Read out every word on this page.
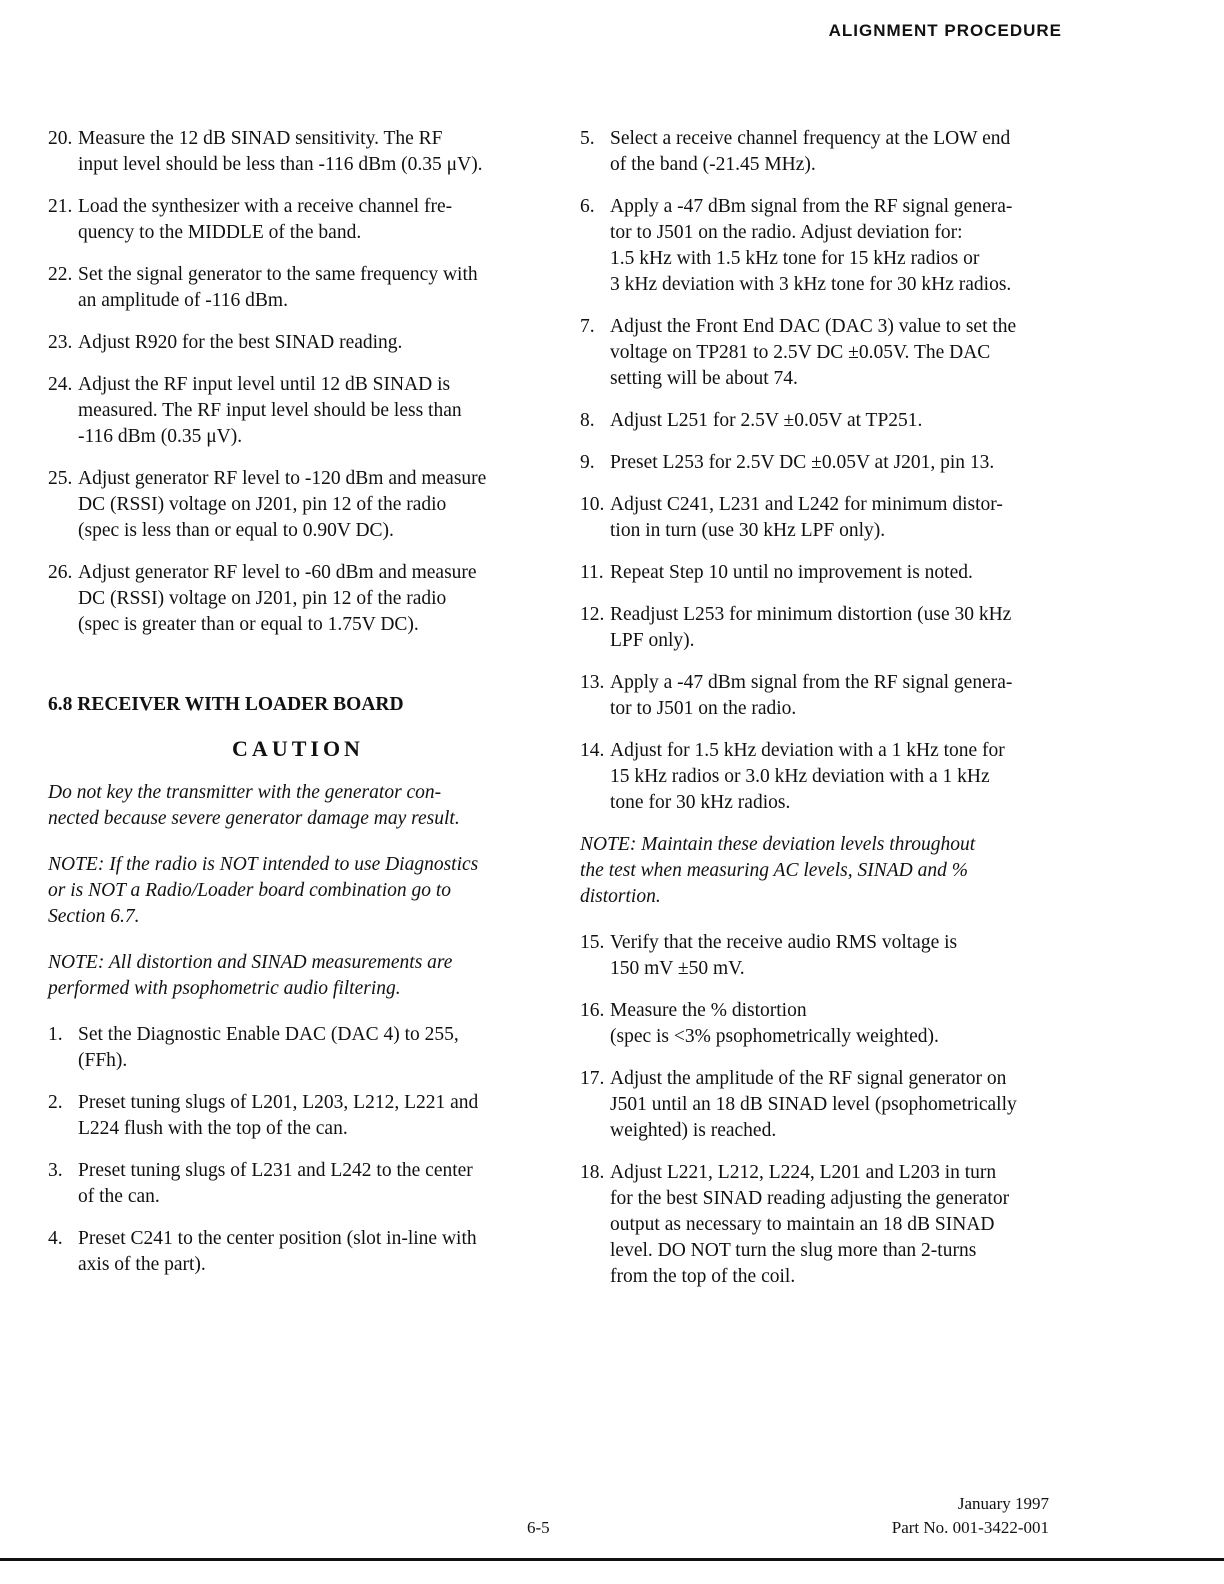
ALIGNMENT PROCEDURE
20. Measure the 12 dB SINAD sensitivity. The RF
input level should be less than -116 dBm (0.35 μV).
21. Load the synthesizer with a receive channel fre-
quency to the MIDDLE of the band.
22. Set the signal generator to the same frequency with
an amplitude of -116 dBm.
23. Adjust R920 for the best SINAD reading.
24. Adjust the RF input level until 12 dB SINAD is
measured. The RF input level should be less than
-116 dBm (0.35 μV).
25. Adjust generator RF level to -120 dBm and measure
DC (RSSI) voltage on J201, pin 12 of the radio
(spec is less than or equal to 0.90V DC).
26. Adjust generator RF level to -60 dBm and measure
DC (RSSI) voltage on J201, pin 12 of the radio
(spec is greater than or equal to 1.75V DC).
6.8 RECEIVER WITH LOADER BOARD
CAUTION
Do not key the transmitter with the generator con-
nected because severe generator damage may result.
NOTE: If the radio is NOT intended to use Diagnostics
or is NOT a Radio/Loader board combination go to
Section 6.7.
NOTE: All distortion and SINAD measurements are
performed with psophometric audio filtering.
1. Set the Diagnostic Enable DAC (DAC 4) to 255,
(FFh).
2. Preset tuning slugs of L201, L203, L212, L221 and
L224 flush with the top of the can.
3. Preset tuning slugs of L231 and L242 to the center
of the can.
4. Preset C241 to the center position (slot in-line with
axis of the part).
5. Select a receive channel frequency at the LOW end
of the band (-21.45 MHz).
6. Apply a -47 dBm signal from the RF signal genera-
tor to J501 on the radio. Adjust deviation for:
1.5 kHz with 1.5 kHz tone for 15 kHz radios or
3 kHz deviation with 3 kHz tone for 30 kHz radios.
7. Adjust the Front End DAC (DAC 3) value to set the
voltage on TP281 to 2.5V DC ±0.05V. The DAC
setting will be about 74.
8. Adjust L251 for 2.5V ±0.05V at TP251.
9. Preset L253 for 2.5V DC ±0.05V at J201, pin 13.
10. Adjust C241, L231 and L242 for minimum distor-
tion in turn (use 30 kHz LPF only).
11. Repeat Step 10 until no improvement is noted.
12. Readjust L253 for minimum distortion (use 30 kHz
LPF only).
13. Apply a -47 dBm signal from the RF signal genera-
tor to J501 on the radio.
14. Adjust for 1.5 kHz deviation with a 1 kHz tone for
15 kHz radios or 3.0 kHz deviation with a 1 kHz
tone for 30 kHz radios.
NOTE: Maintain these deviation levels throughout
the test when measuring AC levels, SINAD and %
distortion.
15. Verify that the receive audio RMS voltage is
150 mV ±50 mV.
16. Measure the % distortion
(spec is <3% psophometrically weighted).
17. Adjust the amplitude of the RF signal generator on
J501 until an 18 dB SINAD level (psophometrically
weighted) is reached.
18. Adjust L221, L212, L224, L201 and L203 in turn
for the best SINAD reading adjusting the generator
output as necessary to maintain an 18 dB SINAD
level. DO NOT turn the slug more than 2-turns
from the top of the coil.
6-5
January 1997
Part No. 001-3422-001
